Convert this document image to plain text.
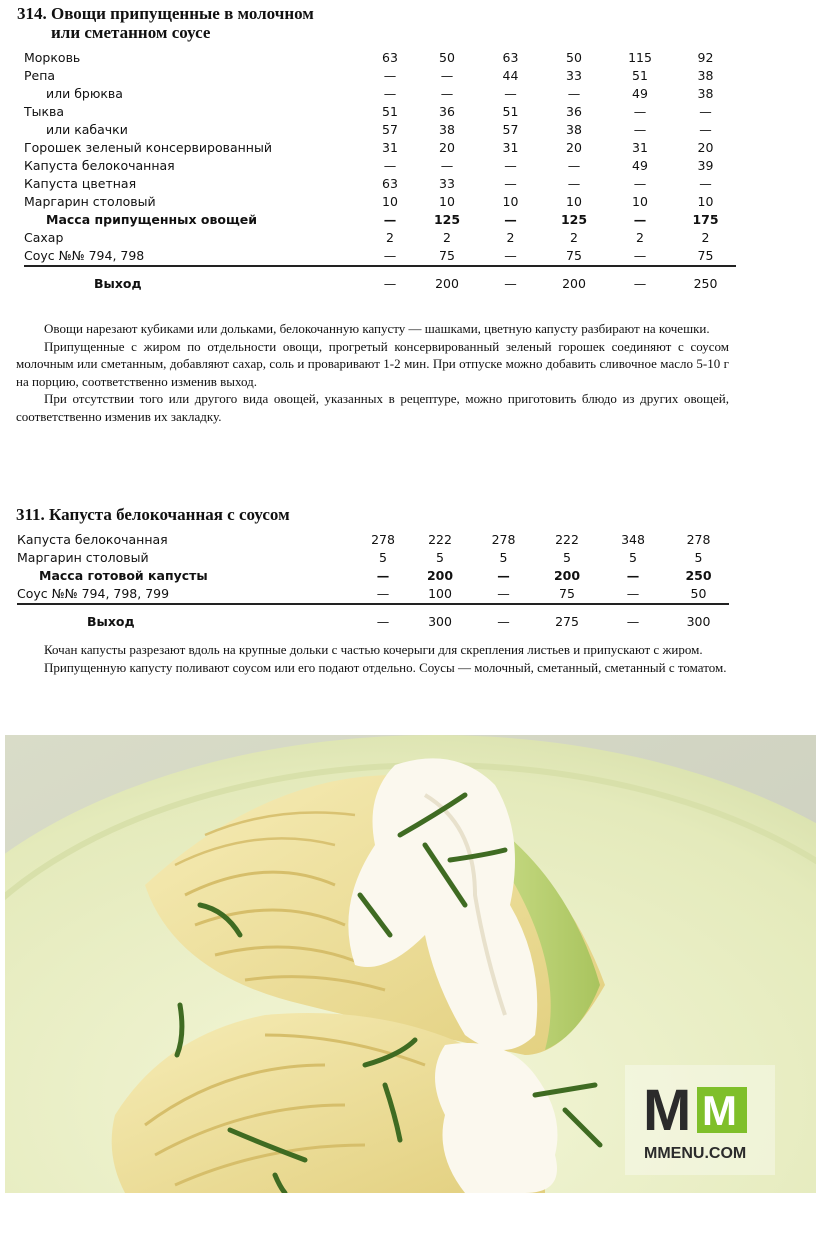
314. Овощи припущенные в молочном
или сметанном соусе
Морковь	63	50	63	50	115	92
Репа	—	—	44	33	51	38
или брюква	—	—	—	—	49	38
Тыква	51	36	51	36	—	—
или кабачки	57	38	57	38	—	—
Горошек зеленый консервированный	31	20	31	20	31	20
Капуста белокочанная	—	—	—	—	49	39
Капуста цветная	63	33	—	—	—	—
Маргарин столовый	10	10	10	10	10	10
Масса припущенных овощей	—	125	—	125	—	175
Сахар	2	2	2	2	2	2
Соус №№ 794, 798	—	75	—	75	—	75

Выход	—	200	—	200	—	250

Овощи нарезают кубиками или дольками, белокочанную капусту — шашками, цветную капусту разбирают на кочешки.

Припущенные с жиром по отдельности овощи, прогретый консервированный зеленый горошек соединяют с соусом молочным или сметанным, добавляют сахар, соль и проваривают 1-2 мин. При отпуске можно добавить сливочное масло 5-10 г на порцию, соответственно изменив выход.

При отсутствии того или другого вида овощей, указанных в рецептуре, можно приготовить блюдо из других овощей, соответственно изменив их закладку.

311. Капуста белокочанная с соусом
Капуста белокочанная	278	222	278	222	348	278
Маргарин столовый	5	5	5	5	5	5
Масса готовой капусты	—	200	—	200	—	250
Соус №№ 794, 798, 799	—	100	—	75	—	50

Выход	—	300	—	275	—	300

Кочан капусты разрезают вдоль на крупные дольки с частью кочерыги для скрепления листьев и припускают с жиром.

Припущенную капусту поливают соусом или его подают отдельно. Соусы — молочный, сметанный, сметанный с томатом.

M M
MMENU.COM
